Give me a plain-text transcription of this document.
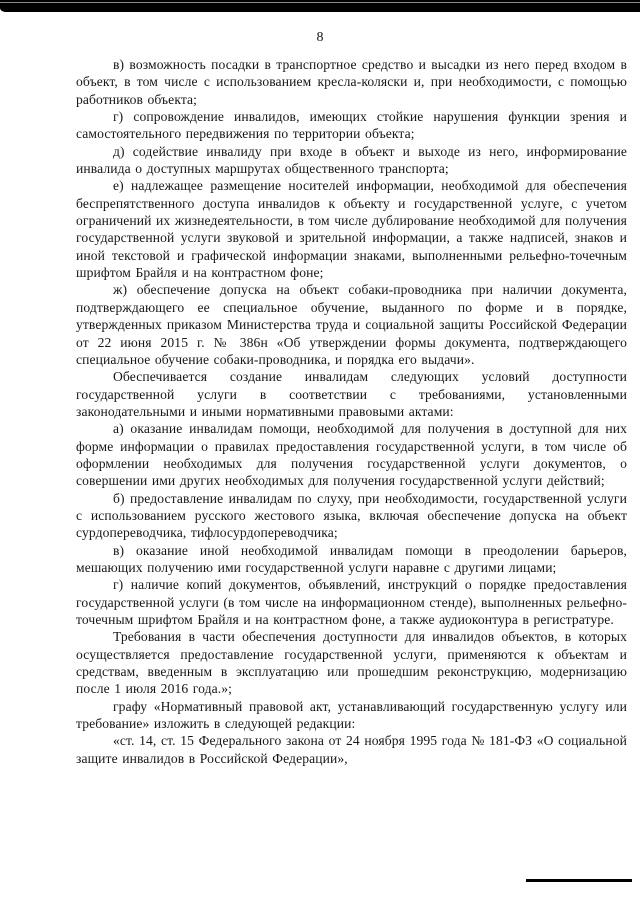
8

в) возможность посадки в транспортное средство и высадки из него перед входом в объект, в том числе с использованием кресла-коляски и, при необходимости, с помощью работников объекта;

г) сопровождение инвалидов, имеющих стойкие нарушения функции зрения и самостоятельного передвижения по территории объекта;

д) содействие инвалиду при входе в объект и выходе из него, информирование инвалида о доступных маршрутах общественного транспорта;

е) надлежащее размещение носителей информации, необходимой для обеспечения беспрепятственного доступа инвалидов к объекту и государственной услуге, с учетом ограничений их жизнедеятельности, в том числе дублирование необходимой для получения государственной услуги звуковой и зрительной информации, а также надписей, знаков и иной текстовой и графической информации знаками, выполненными рельефно-точечным шрифтом Брайля и на контрастном фоне;

ж) обеспечение допуска на объект собаки-проводника при наличии документа, подтверждающего ее специальное обучение, выданного по форме и в порядке, утвержденных приказом Министерства труда и социальной защиты Российской Федерации от 22 июня 2015 г. № 386н «Об утверждении формы документа, подтверждающего специальное обучение собаки-проводника, и порядка его выдачи».

Обеспечивается создание инвалидам следующих условий доступности государственной услуги в соответствии с требованиями, установленными законодательными и иными нормативными правовыми актами:

а) оказание инвалидам помощи, необходимой для получения в доступной для них форме информации о правилах предоставления государственной услуги, в том числе об оформлении необходимых для получения государственной услуги документов, о совершении ими других необходимых для получения государственной услуги действий;

б) предоставление инвалидам по слуху, при необходимости, государственной услуги с использованием русского жестового языка, включая обеспечение допуска на объект сурдопереводчика, тифлосурдопереводчика;

в) оказание иной необходимой инвалидам помощи в преодолении барьеров, мешающих получению ими государственной услуги наравне с другими лицами;

г) наличие копий документов, объявлений, инструкций о порядке предоставления государственной услуги (в том числе на информационном стенде), выполненных рельефно-точечным шрифтом Брайля и на контрастном фоне, а также аудиоконтура в регистратуре.

Требования в части обеспечения доступности для инвалидов объектов, в которых осуществляется предоставление государственной услуги, применяются к объектам и средствам, введенным в эксплуатацию или прошедшим реконструкцию, модернизацию после 1 июля 2016 года.»;

графу «Нормативный правовой акт, устанавливающий государственную услугу или требование» изложить в следующей редакции:

«ст. 14, ст. 15 Федерального закона от 24 ноября 1995 года № 181-ФЗ «О социальной защите инвалидов в Российской Федерации»,
